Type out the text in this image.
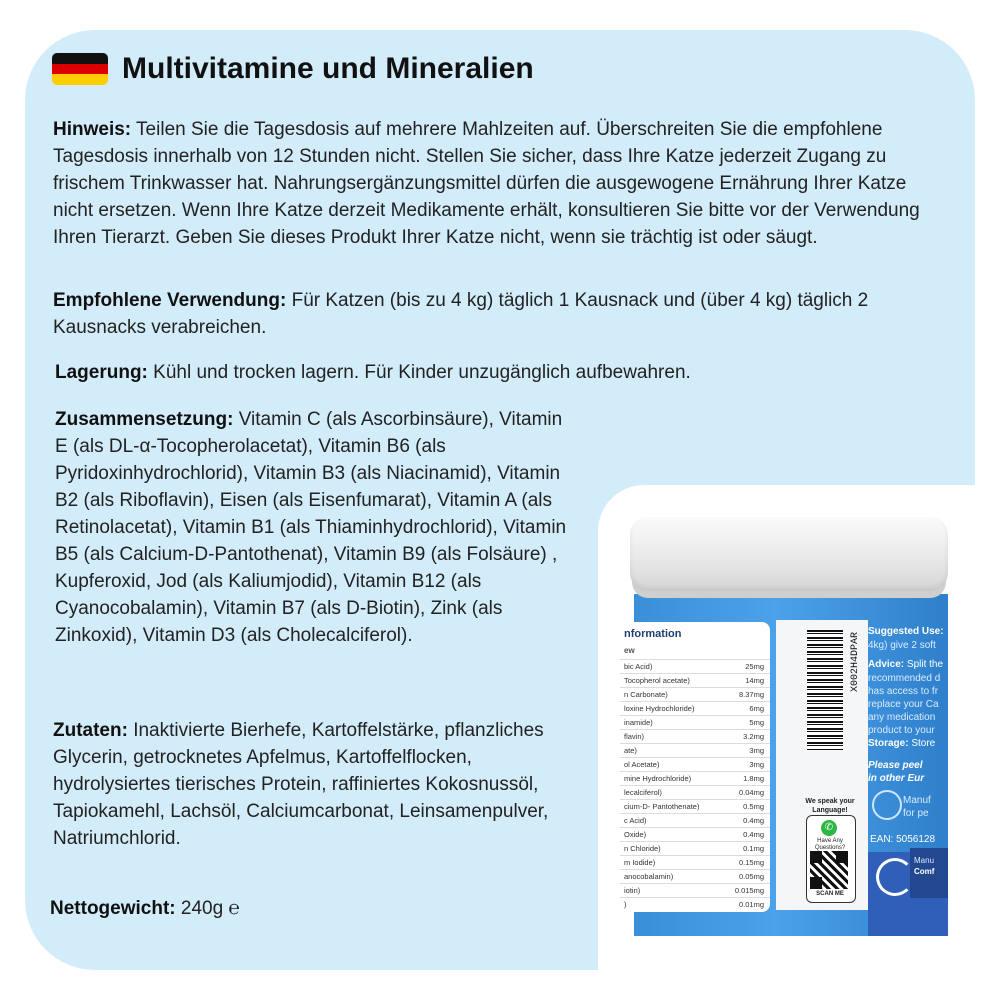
Multivitamine und Mineralien
Hinweis: Teilen Sie die Tagesdosis auf mehrere Mahlzeiten auf. Überschreiten Sie die empfohlene Tagesdosis innerhalb von 12 Stunden nicht. Stellen Sie sicher, dass Ihre Katze jederzeit Zugang zu frischem Trinkwasser hat. Nahrungsergänzungsmittel dürfen die ausgewogene Ernährung Ihrer Katze nicht ersetzen. Wenn Ihre Katze derzeit Medikamente erhält, konsultieren Sie bitte vor der Verwendung Ihren Tierarzt. Geben Sie dieses Produkt Ihrer Katze nicht, wenn sie trächtig ist oder säugt.
Empfohlene Verwendung: Für Katzen (bis zu 4 kg) täglich 1 Kausnack und (über 4 kg) täglich 2 Kausnacks verabreichen.
Lagerung: Kühl und trocken lagern. Für Kinder unzugänglich aufbewahren.
Zusammensetzung: Vitamin C (als Ascorbinsäure), Vitamin E (als DL-α-Tocopherolacetat), Vitamin B6 (als Pyridoxinhydrochlorid), Vitamin B3 (als Niacinamid), Vitamin B2 (als Riboflavin), Eisen (als Eisenfumarat), Vitamin A (als Retinolacetat), Vitamin B1 (als Thiaminhydrochlorid), Vitamin B5 (als Calcium-D-Pantothenat), Vitamin B9 (als Folsäure) , Kupferoxid, Jod (als Kaliumjodid), Vitamin B12 (als Cyanocobalamin), Vitamin B7 (als D-Biotin), Zink (als Zinkoxid), Vitamin D3 (als Cholecalciferol).
Zutaten: Inaktivierte Bierhefe, Kartoffelstärke, pflanzliches Glycerin, getrocknetes Apfelmus, Kartoffelflocken, hydrolysiertes tierisches Protein, raffiniertes Kokosnussöl, Tapiokamehl, Lachsöl, Calciumcarbonat, Leinsamenpulver, Natriumchlorid.
Nettogewicht: 240g ℮
nformation
ew
bic Acid)	25mg
Tocopherol acetate)	14mg
n Carbonate)	8.37mg
loxine Hydrochloride)	6mg
inamide)	5mg
flavin)	3.2mg
ate)	3mg
ol Acetate)	3mg
mine Hydrochloride)	1.8mg
lecalciferol)	0.04mg
cium-D- Pantothenate)	0.5mg
c Acid)	0.4mg
Oxide)	0.4mg
n Chloride)	0.1mg
m Iodide)	0.15mg
anocobalamin)	0.05mg
iotin)	0.015mg
)	0.01mg
X002H4DPAR
We speak your Language!
✆
Have Any Questions?
SCAN ME
Suggested Use:
4kg) give 2 soft
Advice: Split the
recommended d
has access to fr
replace your Ca
any medication
product to your
Storage: Store
Please peel
in other Eur
Manuf
for pe
EAN: 5056128
Manu
Comf
